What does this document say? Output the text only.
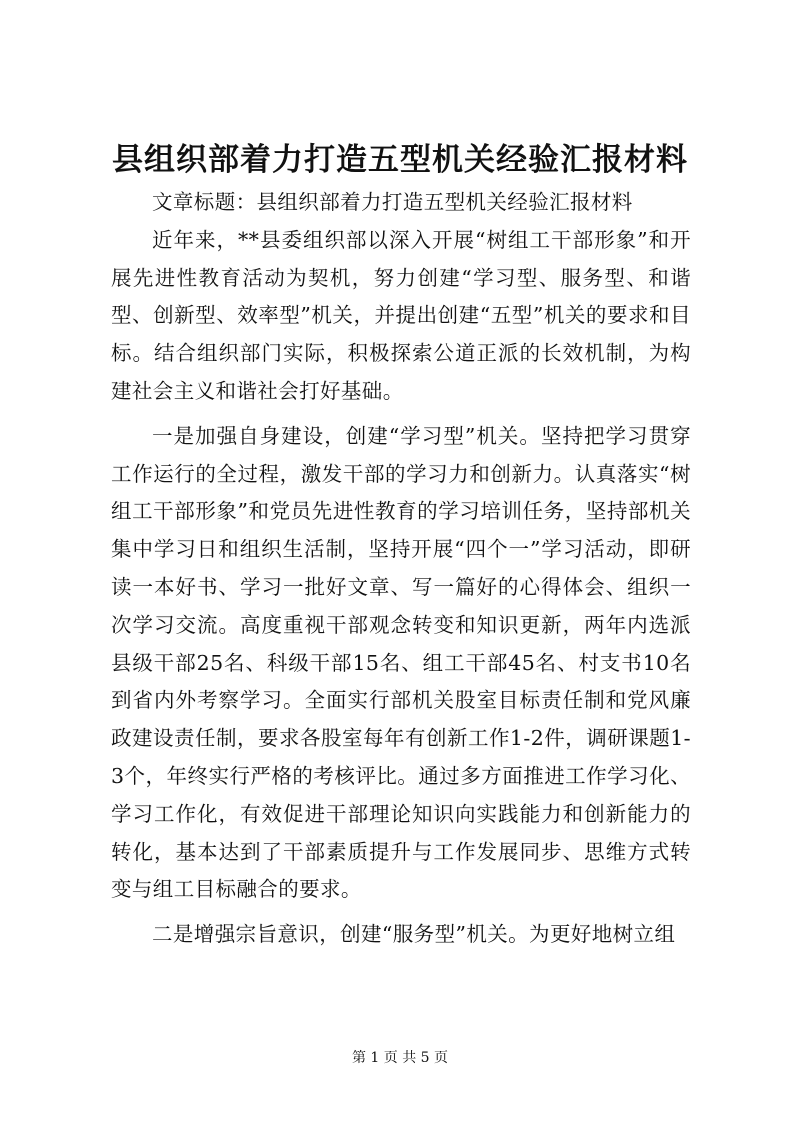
县组织部着力打造五型机关经验汇报材料

文章标题：县组织部着力打造五型机关经验汇报材料

近年来，**县委组织部以深入开展“树组工干部形象”和开展先进性教育活动为契机，努力创建“学习型、服务型、和谐型、创新型、效率型”机关，并提出创建“五型”机关的要求和目标。结合组织部门实际，积极探索公道正派的长效机制，为构建社会主义和谐社会打好基础。

一是加强自身建设，创建“学习型”机关。坚持把学习贯穿工作运行的全过程，激发干部的学习力和创新力。认真落实“树组工干部形象”和党员先进性教育的学习培训任务，坚持部机关集中学习日和组织生活制，坚持开展“四个一”学习活动，即研读一本好书、学习一批好文章、写一篇好的心得体会、组织一次学习交流。高度重视干部观念转变和知识更新，两年内选派县级干部25名、科级干部15名、组工干部45名、村支书10名到省内外考察学习。全面实行部机关股室目标责任制和党风廉政建设责任制，要求各股室每年有创新工作1-2件，调研课题1-3个，年终实行严格的考核评比。通过多方面推进工作学习化、学习工作化，有效促进干部理论知识向实践能力和创新能力的转化，基本达到了干部素质提升与工作发展同步、思维方式转变与组工目标融合的要求。

二是增强宗旨意识，创建“服务型”机关。为更好地树立组

第 1 页 共 5 页
